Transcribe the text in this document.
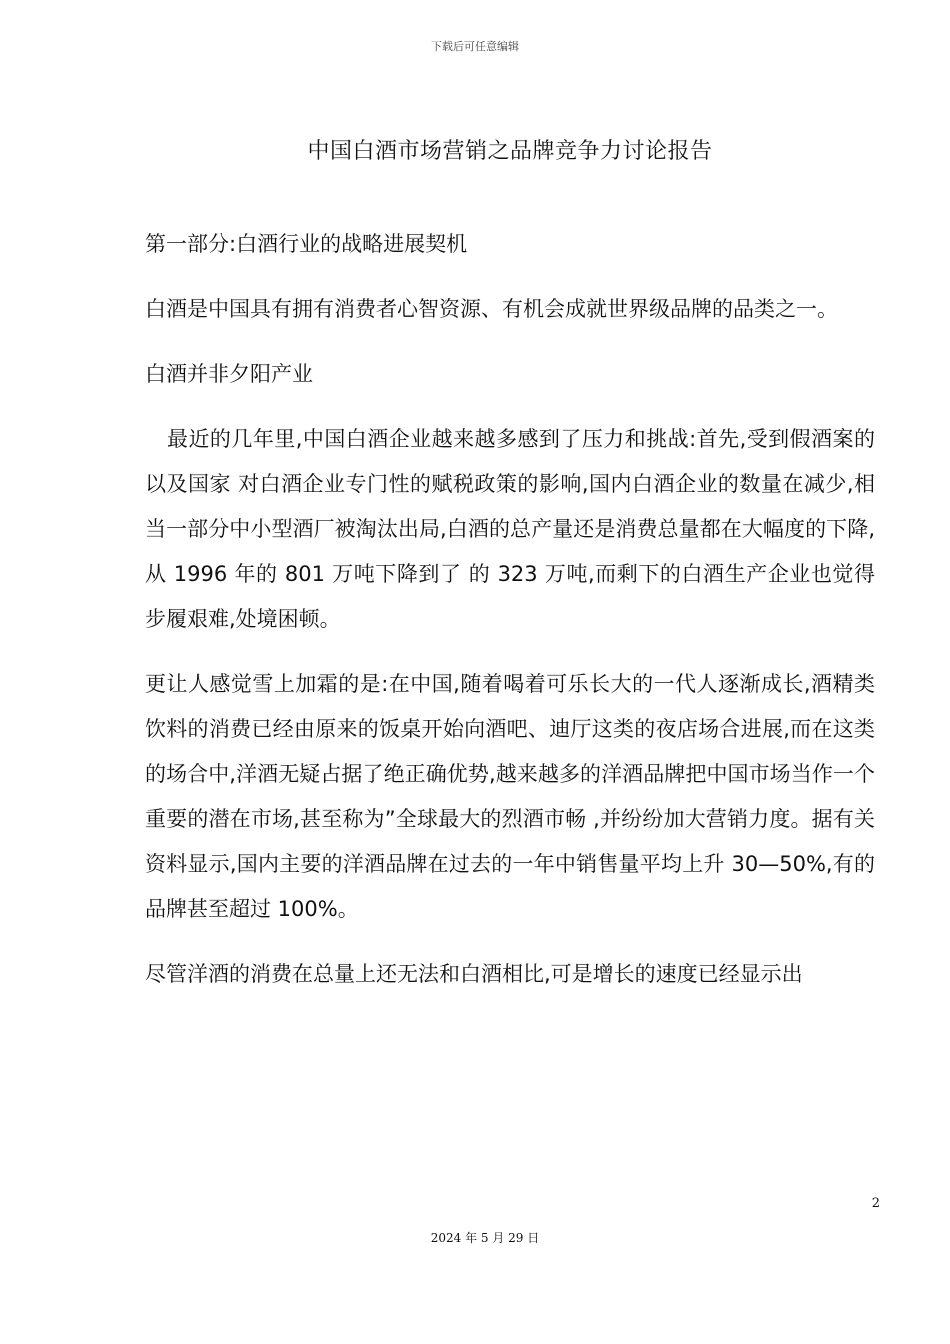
下载后可任意编辑
中国白酒市场营销之品牌竞争力讨论报告

第一部分:白酒行业的战略进展契机

白酒是中国具有拥有消费者心智资源、有机会成就世界级品牌的品类之一。

白酒并非夕阳产业

最近的几年里,中国白酒企业越来越多感到了压力和挑战:首先,受到假酒案的以及国家 对白酒企业专门性的赋税政策的影响,国内白酒企业的数量在减少,相当一部分中小型酒厂被淘汰出局,白酒的总产量还是消费总量都在大幅度的下降,从 1996 年的 801 万吨下降到了 的 323 万吨,而剩下的白酒生产企业也觉得步履艰难,处境困顿。

更让人感觉雪上加霜的是:在中国,随着喝着可乐长大的一代人逐渐成长,酒精类饮料的消费已经由原来的饭桌开始向酒吧、迪厅这类的夜店场合进展,而在这类的场合中,洋酒无疑占据了绝正确优势,越来越多的洋酒品牌把中国市场当作一个重要的潜在市场,甚至称为”全球最大的烈酒市畅 ,并纷纷加大营销力度。据有关资料显示,国内主要的洋酒品牌在过去的一年中销售量平均上升 30—50%,有的品牌甚至超过 100%。

尽管洋酒的消费在总量上还无法和白酒相比,可是增长的速度已经显示出

2
2024 年 5 月 29 日
